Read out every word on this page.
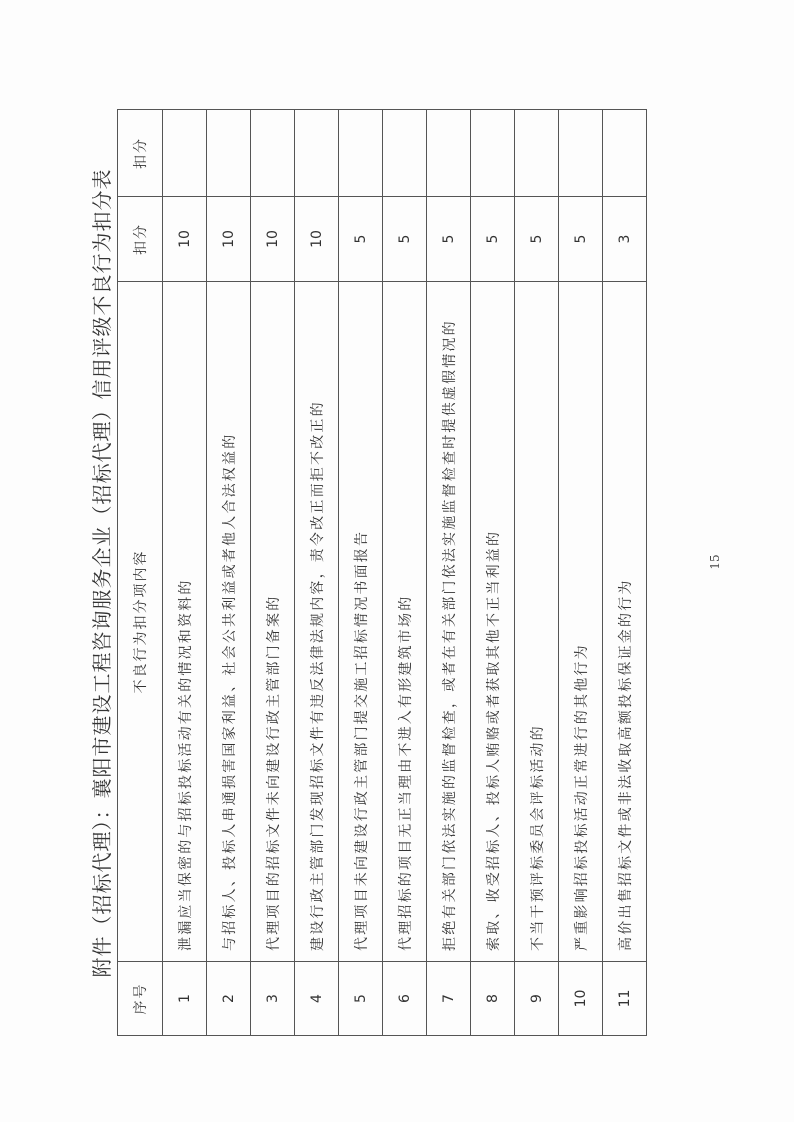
附件（招标代理）：襄阳市建设工程咨询服务企业（招标代理）信用评级不良行为扣分表
序号	不良行为扣分项内容	扣分	扣分
1	泄漏应当保密的与招标投标活动有关的情况和资料的	10	
2	与招标人、投标人串通损害国家利益、社会公共利益或者他人合法权益的	10	
3	代理项目的招标文件未向建设行政主管部门备案的	10	
4	建设行政主管部门发现招标文件有违反法律法规内容，责令改正而拒不改正的	10	
5	代理项目未向建设行政主管部门提交施工招标情况书面报告	5	
6	代理招标的项目无正当理由不进入有形建筑市场的	5	
7	拒绝有关部门依法实施的监督检查，或者在有关部门依法实施监督检查时提供虚假情况的	5	
8	索取、收受招标人、投标人贿赂或者获取其他不正当利益的	5	
9	不当干预评标委员会评标活动的	5	
10	严重影响招标投标活动正常进行的其他行为	5	
11	高价出售招标文件或非法收取高额投标保证金的行为	3	
15
